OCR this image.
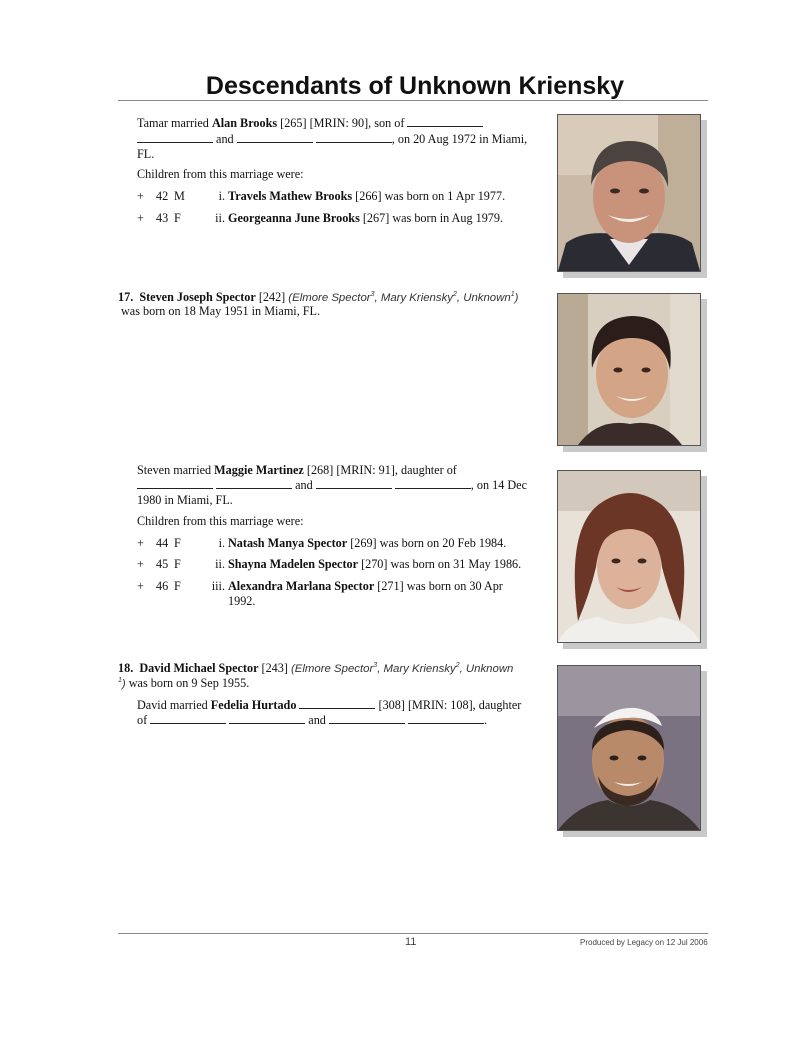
Descendants of Unknown Kriensky
Tamar married Alan Brooks [265] [MRIN: 90], son of
and	, on 20 Aug 1972 in Miami,
FL.
Children from this marriage were:
+ 42 M	i. Travels Mathew Brooks [266] was born on 1 Apr 1977.
+ 43 F	ii. Georgeanna June Brooks [267] was born in Aug 1979.
17. Steven Joseph Spector [242] (Elmore Spector$^3$, Mary Kriensky$^2$, Unknown$^1$)
was born on 18 May 1951 in Miami, FL.
Steven married Maggie Martinez [268] [MRIN: 91], daughter of
and	, on 14 Dec
1980 in Miami, FL.
Children from this marriage were:
+ 44 F	i. Natash Manya Spector [269] was born on 20 Feb 1984.
+ 45 F	ii. Shayna Madelen Spector [270] was born on 31 May 1986.
+ 46 F	iii. Alexandra Marlana Spector [271] was born on 30 Apr
1992.
18. David Michael Spector [243] (Elmore Spector$^3$, Mary Kriensky$^2$, Unknown
$^1$) was born on 9 Sep 1955.
David married Fedelia Hurtado	[308] [MRIN: 108], daughter
of	and	.
11	Produced by Legacy on 12 Jul 2006
